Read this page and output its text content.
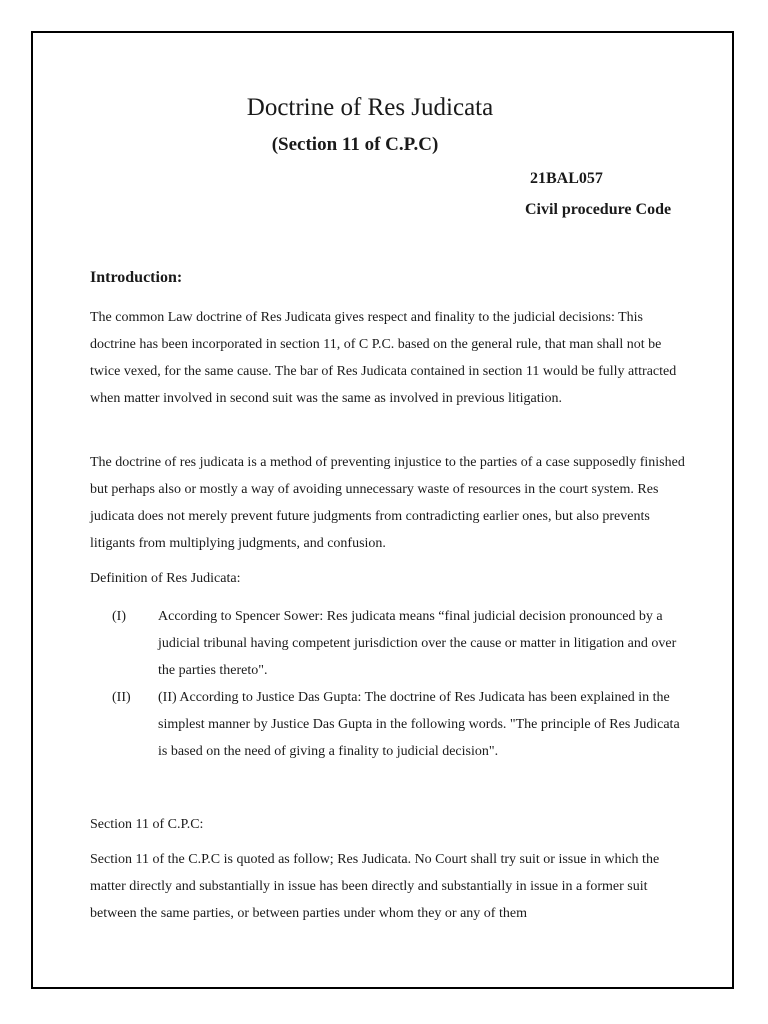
Doctrine of Res Judicata
(Section 11 of C.P.C)
21BAL057
Civil procedure Code
Introduction:

The common Law doctrine of Res Judicata gives respect and finality to the judicial decisions: This doctrine has been incorporated in section 11, of C P.C. based on the general rule, that man shall not be twice vexed, for the same cause. The bar of Res Judicata contained in section 11 would be fully attracted when matter involved in second suit was the same as involved in previous litigation.

The doctrine of res judicata is a method of preventing injustice to the parties of a case supposedly finished but perhaps also or mostly a way of avoiding unnecessary waste of resources in the court system. Res judicata does not merely prevent future judgments from contradicting earlier ones, but also prevents litigants from multiplying judgments, and confusion.

Definition of Res Judicata:

(I)	According to Spencer Sower: Res judicata means “final judicial decision pronounced by a judicial tribunal having competent jurisdiction over the cause or matter in litigation and over the parties thereto".
(II)	(II) According to Justice Das Gupta: The doctrine of Res Judicata has been explained in the simplest manner by Justice Das Gupta in the following words. "The principle of Res Judicata is based on the need of giving a finality to judicial decision".

Section 11 of C.P.C:

Section 11 of the C.P.C is quoted as follow; Res Judicata. No Court shall try suit or issue in which the matter directly and substantially in issue has been directly and substantially in issue in a former suit between the same parties, or between parties under whom they or any of them
